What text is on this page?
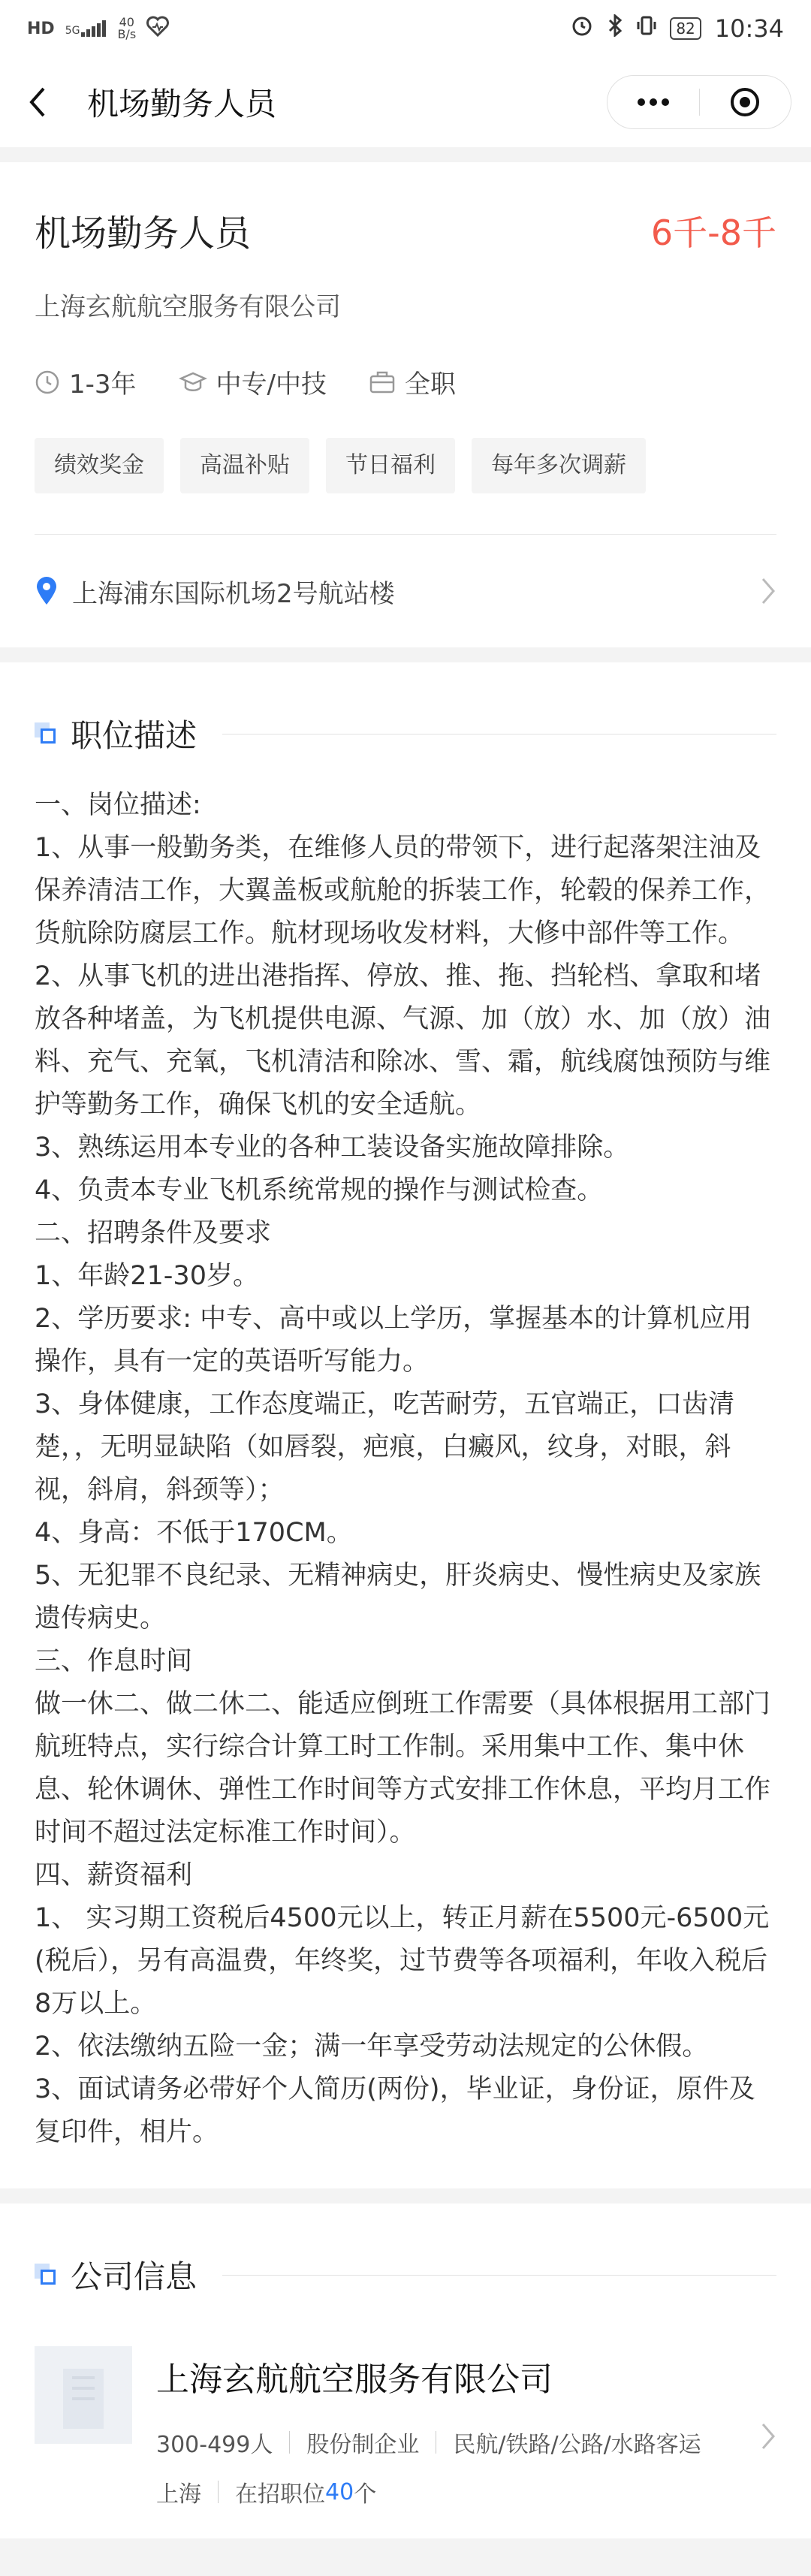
HD 5G
40
B/s	82 10:34
机场勤务人员
机场勤务人员	6千-8千
上海玄航航空服务有限公司
1-3年	中专/中技	全职
绩效奖金	高温补贴	节日福利	每年多次调薪
上海浦东国际机场2号航站楼
职位描述

一、岗位描述:

1、从事一般勤务类，在维修人员的带领下，进行起落架注油及保养清洁工作，大翼盖板或航舱的拆装工作，轮毂的保养工作，货航除防腐层工作。航材现场收发材料，大修中部件等工作。

2、从事飞机的进出港指挥、停放、推、拖、挡轮档、拿取和堵放各种堵盖，为飞机提供电源、气源、加（放）水、加（放）油料、充气、充氧，飞机清洁和除冰、雪、霜，航线腐蚀预防与维护等勤务工作，确保飞机的安全适航。

3、熟练运用本专业的各种工装设备实施故障排除。

4、负责本专业飞机系统常规的操作与测试检查。

二、招聘条件及要求

1、年龄21-30岁。

2、学历要求: 中专、高中或以上学历，掌握基本的计算机应用操作，具有一定的英语听写能力。

3、身体健康，工作态度端正，吃苦耐劳，五官端正，口齿清楚，，无明显缺陷（如唇裂，疤痕，白癜风，纹身，对眼，斜视，斜肩，斜颈等）；

4、身高：不低于170CM。

5、无犯罪不良纪录、无精神病史，肝炎病史、慢性病史及家族遗传病史。

三、作息时间

做一休二、做二休二、能适应倒班工作需要（具体根据用工部门航班特点，实行综合计算工时工作制。采用集中工作、集中休息、轮休调休、弹性工作时间等方式安排工作休息，平均月工作时间不超过法定标准工作时间）。

四、薪资福利

1、 实习期工资税后4500元以上，转正月薪在5500元-6500元(税后），另有高温费，年终奖，过节费等各项福利，年收入税后8万以上。

2、依法缴纳五险一金；满一年享受劳动法规定的公休假。

3、面试请务必带好个人简历(两份)，毕业证，身份证，原件及复印件，相片。

公司信息
上海玄航航空服务有限公司
300-499人 股份制企业 民航/铁路/公路/水路客运
上海 在招职位 40 个
